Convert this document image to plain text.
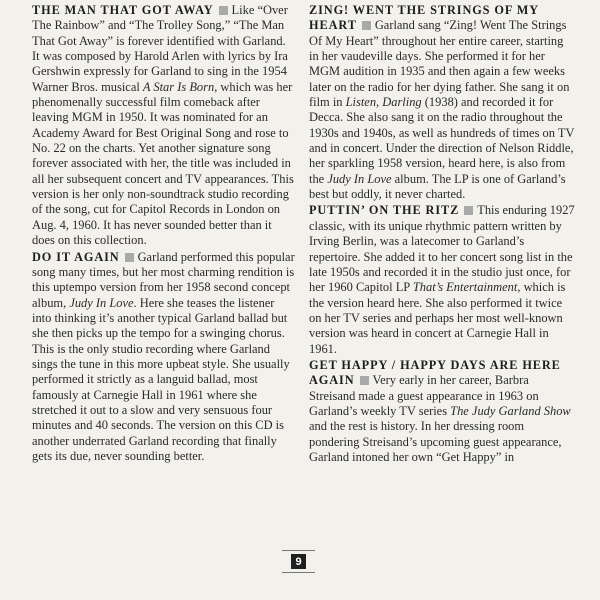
THE MAN THAT GOT AWAY Like “Over The Rainbow” and “The Trolley Song,” “The Man That Got Away” is forever identified with Garland. It was composed by Harold Arlen with lyrics by Ira Gershwin expressly for Garland to sing in the 1954 Warner Bros. musical A Star Is Born, which was her phenomenally successful film comeback after leaving MGM in 1950. It was nominated for an Academy Award for Best Original Song and rose to No. 22 on the charts. Yet another signature song forever associated with her, the title was included in all her subsequent concert and TV appearances. This version is her only non-soundtrack studio recording of the song, cut for Capitol Records in London on Aug. 4, 1960. It has never sounded better than it does on this collection.

DO IT AGAIN Garland performed this popular song many times, but her most charming rendition is this uptempo version from her 1958 second concept album, Judy In Love. Here she teases the listener into thinking it’s another typical Garland ballad but she then picks up the tempo for a swinging chorus. This is the only studio recording where Garland sings the tune in this more upbeat style. She usually performed it strictly as a languid ballad, most famously at Carnegie Hall in 1961 where she stretched it out to a slow and very sensuous four minutes and 40 seconds. The version on this CD is another underrated Garland recording that finally gets its due, never sounding better.

ZING! WENT THE STRINGS OF MY HEART Garland sang “Zing! Went The Strings Of My Heart” throughout her entire career, starting in her vaudeville days. She performed it for her MGM audition in 1935 and then again a few weeks later on the radio for her dying father. She sang it on film in Listen, Darling (1938) and recorded it for Decca. She also sang it on the radio throughout the 1930s and 1940s, as well as hundreds of times on TV and in concert. Under the direction of Nelson Riddle, her sparkling 1958 version, heard here, is also from the Judy In Love album. The LP is one of Garland’s best but oddly, it never charted.

PUTTIN’ ON THE RITZ This enduring 1927 classic, with its unique rhythmic pattern written by Irving Berlin, was a latecomer to Garland’s repertoire. She added it to her concert song list in the late 1950s and recorded it in the studio just once, for her 1960 Capitol LP That’s Entertainment, which is the version heard here. She also performed it twice on her TV series and perhaps her most well-known version was heard in concert at Carnegie Hall in 1961.

GET HAPPY / HAPPY DAYS ARE HERE AGAIN Very early in her career, Barbra Streisand made a guest appearance in 1963 on Garland’s weekly TV series The Judy Garland Show and the rest is history. In her dressing room pondering Streisand’s upcoming guest appearance, Garland intoned her own “Get Happy” in

9
